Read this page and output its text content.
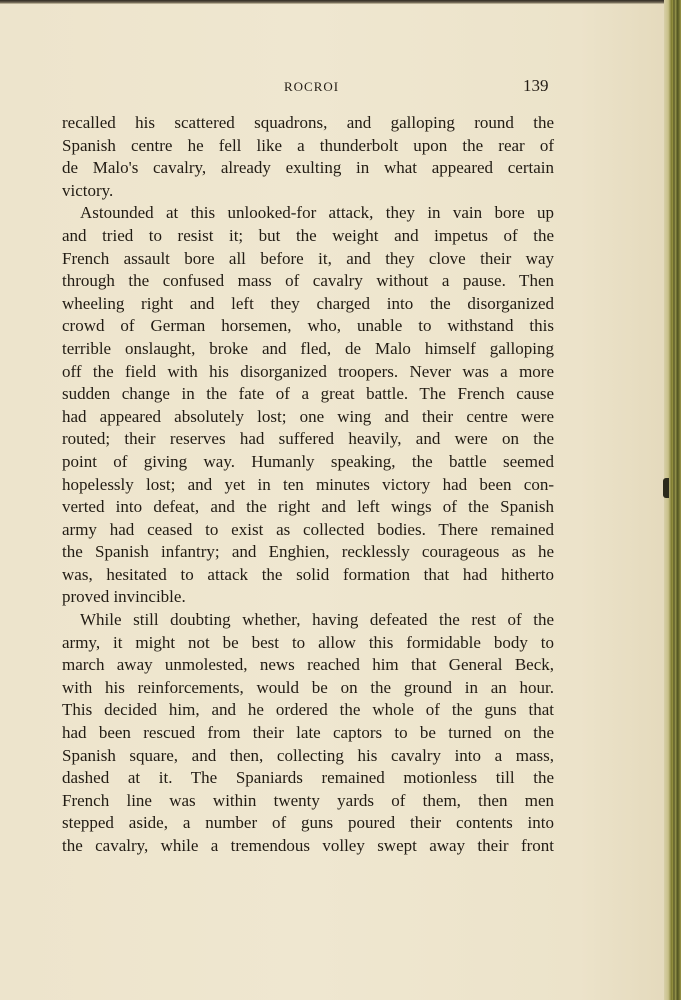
ROCROI	139
recalled his scattered squadrons, and galloping round the
Spanish centre he fell like a thunderbolt upon the rear of
de Malo's cavalry, already exulting in what appeared certain
victory.
Astounded at this unlooked-for attack, they in vain bore up
and tried to resist it; but the weight and impetus of the
French assault bore all before it, and they clove their way
through the confused mass of cavalry without a pause. Then
wheeling right and left they charged into the disorganized
crowd of German horsemen, who, unable to withstand this
terrible onslaught, broke and fled, de Malo himself galloping
off the field with his disorganized troopers. Never was a more
sudden change in the fate of a great battle. The French cause
had appeared absolutely lost; one wing and their centre were
routed; their reserves had suffered heavily, and were on the
point of giving way. Humanly speaking, the battle seemed
hopelessly lost; and yet in ten minutes victory had been con-
verted into defeat, and the right and left wings of the Spanish
army had ceased to exist as collected bodies. There remained
the Spanish infantry; and Enghien, recklessly courageous as he
was, hesitated to attack the solid formation that had hitherto
proved invincible.
While still doubting whether, having defeated the rest of the
army, it might not be best to allow this formidable body to
march away unmolested, news reached him that General Beck,
with his reinforcements, would be on the ground in an hour.
This decided him, and he ordered the whole of the guns that
had been rescued from their late captors to be turned on the
Spanish square, and then, collecting his cavalry into a mass,
dashed at it. The Spaniards remained motionless till the
French line was within twenty yards of them, then men
stepped aside, a number of guns poured their contents into
the cavalry, while a tremendous volley swept away their front
